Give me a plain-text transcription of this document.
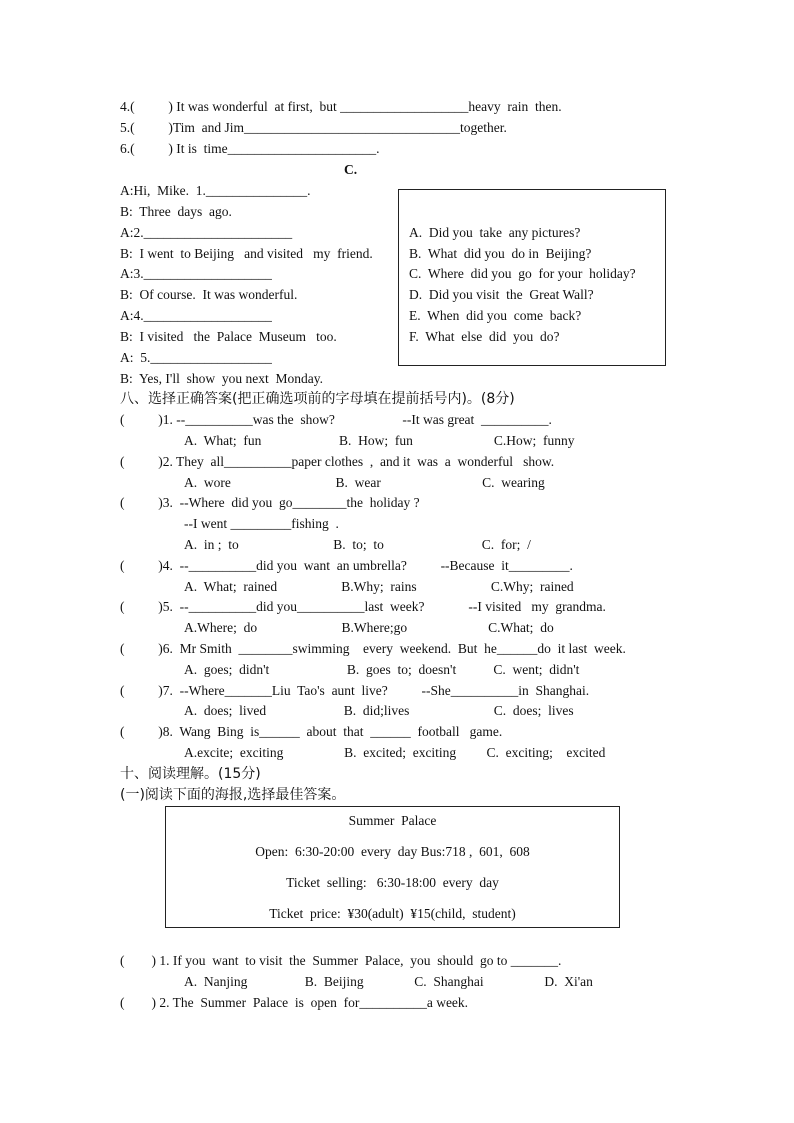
4.(          ) It was wonderful  at first,  but ___________________heavy  rain  then.
5.(          )Tim  and Jim________________________________together.
6.(          ) It is  time______________________.
C.
A:Hi,  Mike.  1._______________.
B:  Three  days  ago.
A:2.______________________
B:  I went  to Beijing   and visited   my  friend.
A:3.___________________
B:  Of course.  It was wonderful.
A:4.___________________
B:  I visited   the  Palace  Museum   too.
A:  5.__________________
B:  Yes, I'll  show  you next  Monday.
A.  Did you  take  any pictures?
B.  What  did you  do in  Beijing?
C.  Where  did you  go  for your  holiday?
D.  Did you visit  the  Great Wall?
E.  When  did you  come  back?
F.  What  else  did  you  do?
八、选择正确答案(把正确选项前的字母填在提前括号内)。(8分)
(          )1. --__________was the  show?                    --It was great  __________.
A.  What;  fun                       B.  How;  fun                        C.How;  funny
(          )2. They  all__________paper clothes  ,  and it  was  a  wonderful   show.
A.  wore                               B.  wear                              C.  wearing
(          )3.  --Where  did you  go________the  holiday ?
--I went _________fishing  .
A.  in ;  to                            B.  to;  to                             C.  for;  /
(          )4.  --__________did you  want  an umbrella?          --Because  it_________.
A.  What;  rained                   B.Why;  rains                      C.Why;  rained
(          )5.  --__________did you__________last  week?             --I visited   my  grandma.
A.Where;  do                         B.Where;go                        C.What;  do
(          )6.  Mr Smith  ________swimming    every  weekend.  But  he______do  it last  week.
A.  goes;  didn't                       B.  goes  to;  doesn't           C.  went;  didn't
(          )7.  --Where_______Liu  Tao's  aunt  live?          --She__________in  Shanghai.
A.  does;  lived                       B.  did;lives                         C.  does;  lives
(          )8.  Wang  Bing  is______  about  that  ______  football   game.
A.excite;  exciting                  B.  excited;  exciting         C.  exciting;    excited
十、阅读理解。(15分)
(一)阅读下面的海报,选择最佳答案。
Summer  Palace
Open:  6:30-20:00  every  day Bus:718 ,  601,  608
Ticket  selling:   6:30-18:00  every  day
Ticket  price:  ¥30(adult)  ¥15(child,  student)
(        ) 1. If you  want  to visit  the  Summer  Palace,  you  should  go to _______.
A.  Nanjing                 B.  Beijing               C.  Shanghai                  D.  Xi'an
(        ) 2. The  Summer  Palace  is  open  for__________a week.
